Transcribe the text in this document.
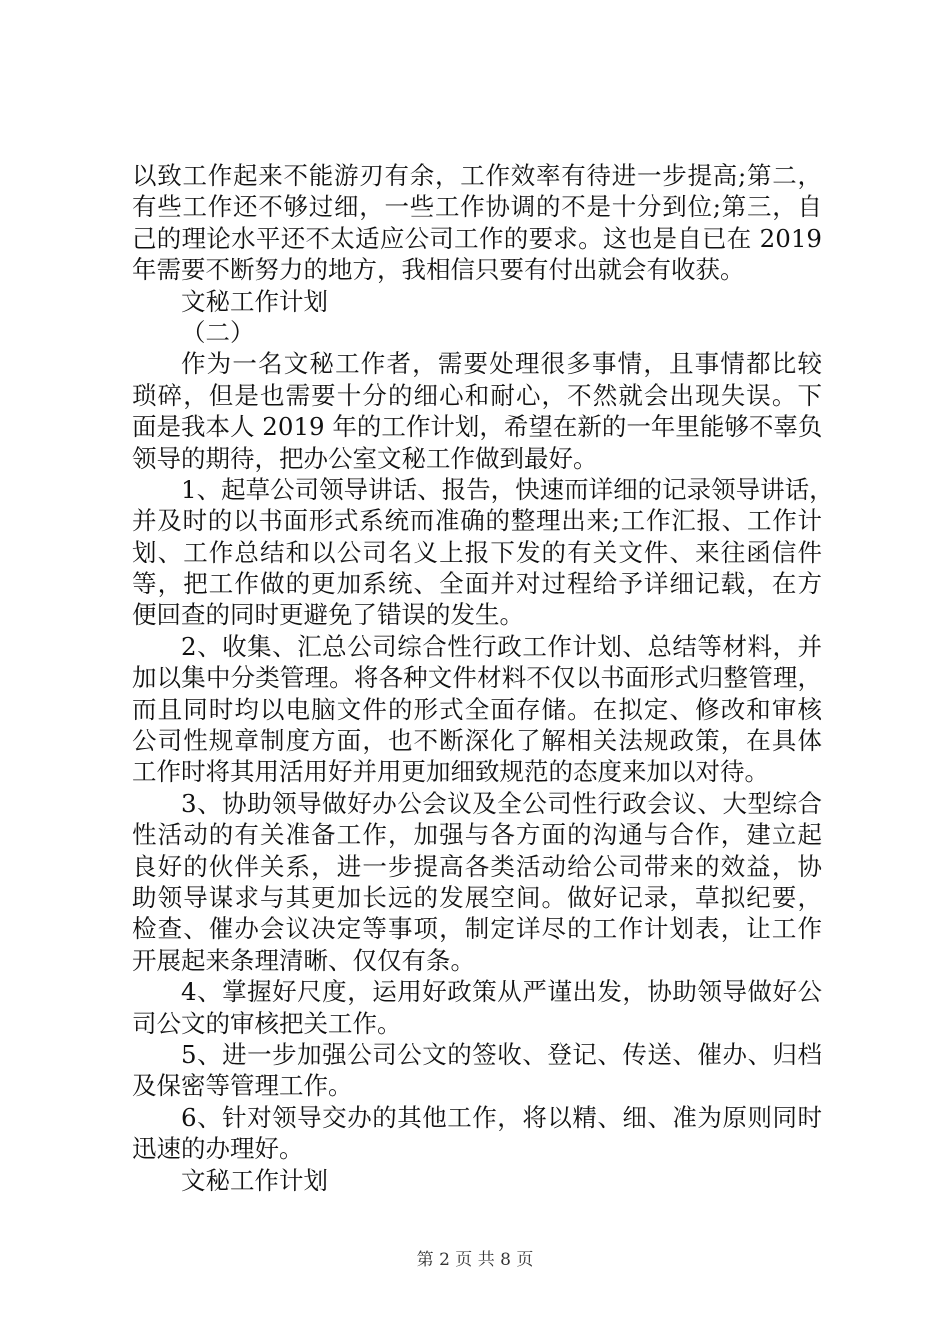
以致工作起来不能游刃有余，工作效率有待进一步提高;第二，
有些工作还不够过细，一些工作协调的不是十分到位;第三，自
己的理论水平还不太适应公司工作的要求。这也是自已在 2019
年需要不断努力的地方，我相信只要有付出就会有收获。
文秘工作计划
（二）
作为一名文秘工作者，需要处理很多事情，且事情都比较
琐碎，但是也需要十分的细心和耐心，不然就会出现失误。下
面是我本人 2019 年的工作计划，希望在新的一年里能够不辜负
领导的期待，把办公室文秘工作做到最好。
1、起草公司领导讲话、报告，快速而详细的记录领导讲话，
并及时的以书面形式系统而准确的整理出来;工作汇报、工作计
划、工作总结和以公司名义上报下发的有关文件、来往函信件
等，把工作做的更加系统、全面并对过程给予详细记载，在方
便回查的同时更避免了错误的发生。
2、收集、汇总公司综合性行政工作计划、总结等材料，并
加以集中分类管理。将各种文件材料不仅以书面形式归整管理，
而且同时均以电脑文件的形式全面存储。在拟定、修改和审核
公司性规章制度方面，也不断深化了解相关法规政策，在具体
工作时将其用活用好并用更加细致规范的态度来加以对待。
3、协助领导做好办公会议及全公司性行政会议、大型综合
性活动的有关准备工作，加强与各方面的沟通与合作，建立起
良好的伙伴关系，进一步提高各类活动给公司带来的效益，协
助领导谋求与其更加长远的发展空间。做好记录，草拟纪要，
检查、催办会议决定等事项，制定详尽的工作计划表，让工作
开展起来条理清晰、仅仅有条。
4、掌握好尺度，运用好政策从严谨出发，协助领导做好公
司公文的审核把关工作。
5、进一步加强公司公文的签收、登记、传送、催办、归档
及保密等管理工作。
6、针对领导交办的其他工作，将以精、细、准为原则同时
迅速的办理好。
文秘工作计划
第 2 页 共 8 页
